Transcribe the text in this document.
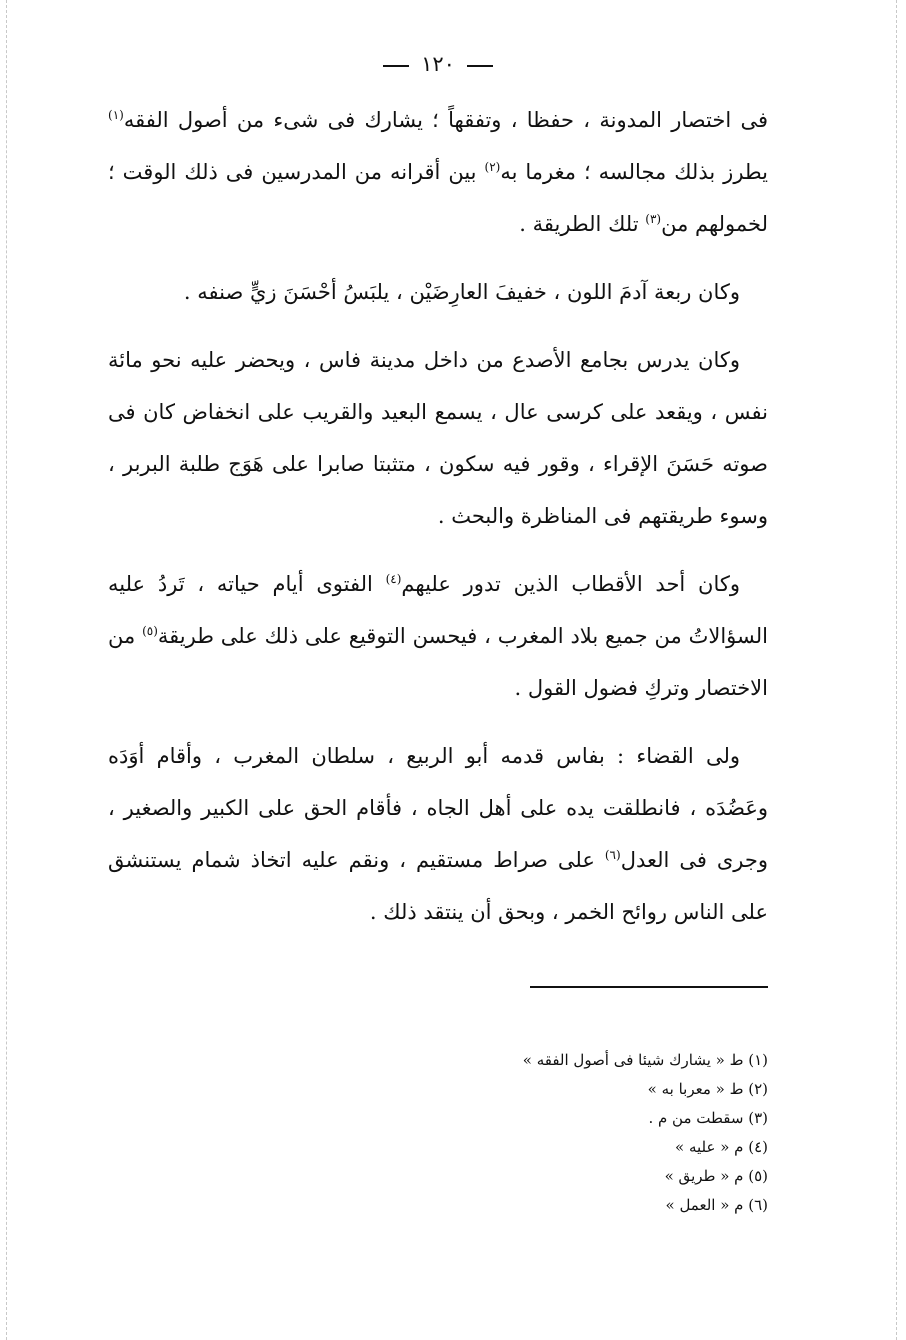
١٢٠

فى اختصار المدونة ، حفظا ، وتفقهاً ؛ يشارك فى شىء من أصول الفقه$^{(١)}$ يطرز بذلك مجالسه ؛ مغرما به$^{(٢)}$ بين أقرانه من المدرسين فى ذلك الوقت ؛ لخمولهم من$^{(٣)}$ تلك الطريقة .

وكان ربعة آدمَ اللون ، خفيفَ العارِضَيْن ، يلبَسُ أحْسَنَ زيٍّ صنفه .

وكان يدرس بجامع الأصدع من داخل مدينة فاس ، ويحضر عليه نحو مائة نفس ، ويقعد على كرسى عال ، يسمع البعيد والقريب على انخفاض كان فى صوته حَسَنَ الإقراء ، وقور فيه سكون ، متثبتا صابرا على هَوَج طلبة البربر ، وسوء طريقتهم فى المناظرة والبحث .

وكان أحد الأقطاب الذين تدور عليهم$^{(٤)}$ الفتوى أيام حياته ، تَردُ عليه السؤالاتُ من جميع بلاد المغرب ، فيحسن التوقيع على ذلك على طريقة$^{(٥)}$ من الاختصار وتركِ فضول القول .

ولى القضاء : بفاس قدمه أبو الربيع ، سلطان المغرب ، وأقام أوَدَه وعَضُدَه ، فانطلقت يده على أهل الجاه ، فأقام الحق على الكبير والصغير ، وجرى فى العدل$^{(٦)}$ على صراط مستقيم ، ونقم عليه اتخاذ شمام يستنشق على الناس روائح الخمر ، وبحق أن ينتقد ذلك .

(١) ط « يشارك شيئا فى أصول الفقه »
(٢) ط « معربا به »
(٣) سقطت من م .
(٤) م « عليه »
(٥) م « طريق »
(٦) م « العمل »
